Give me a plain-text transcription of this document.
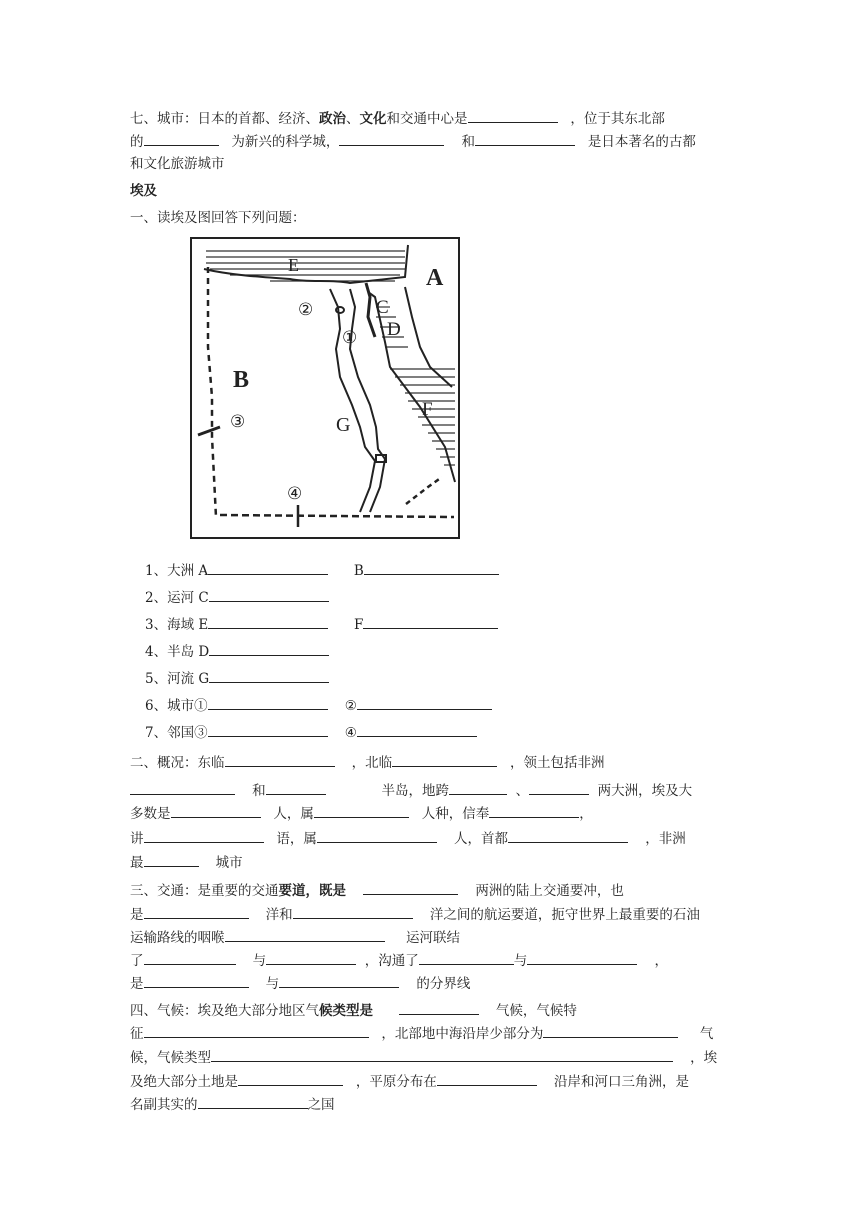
七、城市：日本的首都、经济、政治、文化和交通中心是	，位于其东北部
的	为新兴的科学城，	和	是日本著名的古都
和文化旅游城市
埃及
一、读埃及图回答下列问题：
E	A
C
D
B
F
G
②
①
③
④
1、大洲 A	B
2、运河 C
3、海域 E	F
4、半岛 D
5、河流 G
6、城市①	②
7、邻国③	④
二、概况：东临	，北临	，领土包括非洲
和	半岛，地跨	、	两大洲，埃及大
多数是	人，属	人种，信奉	，
讲	语，属	人，首都	，非洲
最	城市
三、交通：是重要的交通要道，既是	两洲的陆上交通要冲，也
是	洋和	洋之间的航运要道，扼守世界上最重要的石油
运输路线的咽喉	运河联结
了	与	，沟通了	与	，
是	与	的分界线
四、气候：埃及绝大部分地区气候类型是	气候，气候特
征	，北部地中海沿岸少部分为	气
候，气候类型	，埃
及绝大部分土地是	，平原分布在	沿岸和河口三角洲，是
名副其实的	之国
